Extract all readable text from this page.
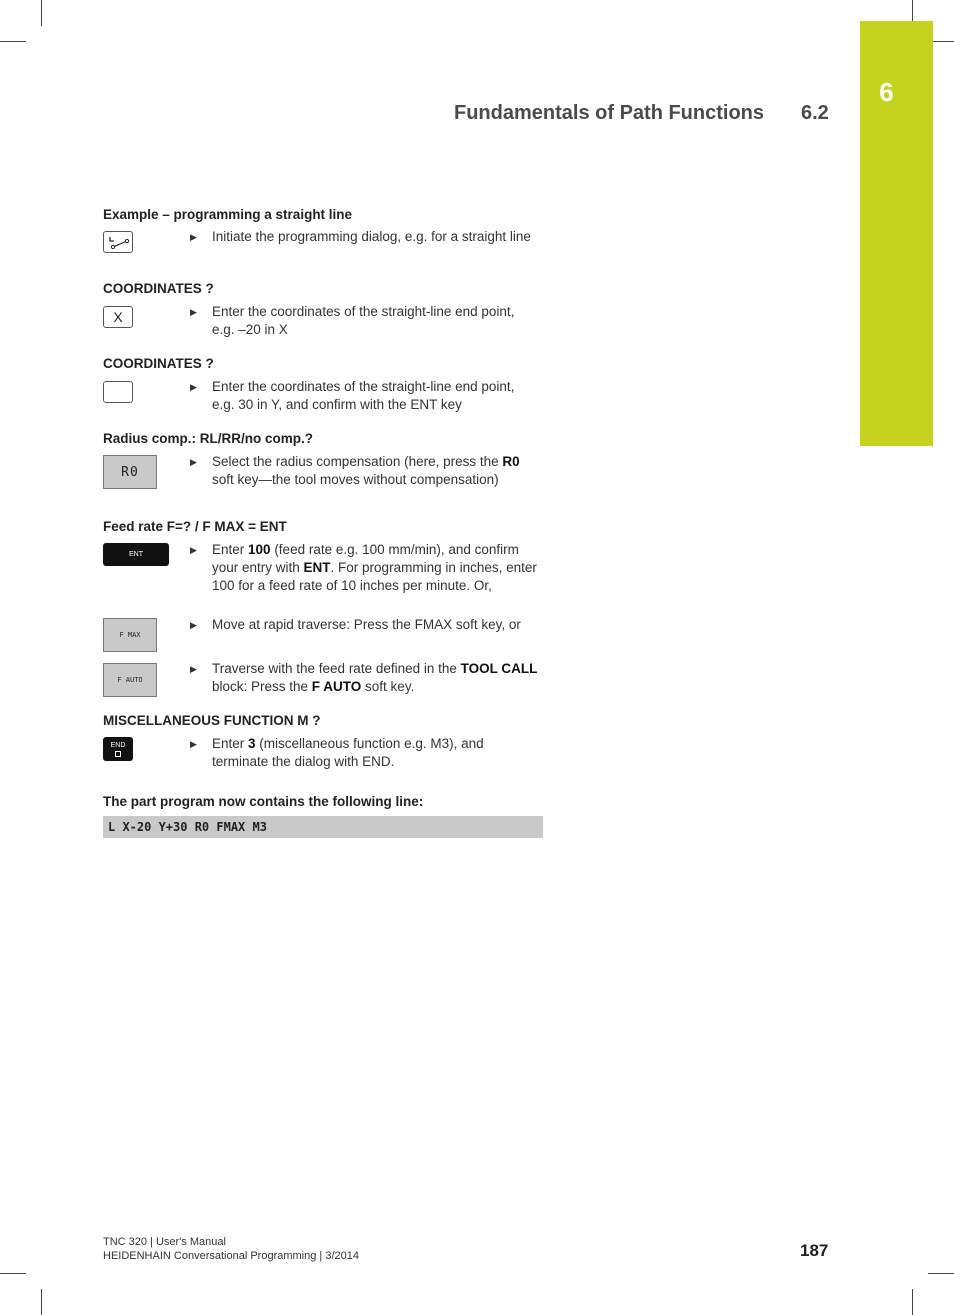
6
Fundamentals of Path Functions 6.2
Example – programming a straight line
▶ Initiate the programming dialog, e.g. for a straight line
COORDINATES ?
X	▶ Enter the coordinates of the straight-line end point, e.g. –20 in X
COORDINATES ?
▶ Enter the coordinates of the straight-line end point, e.g. 30 in Y, and confirm with the ENT key
Radius comp.: RL/RR/no comp.?
R0
▶ Select the radius compensation (here, press the R0 soft key—the tool moves without compensation)
Feed rate F=? / F MAX = ENT
ENT	▶ Enter 100 (feed rate e.g. 100 mm/min), and confirm your entry with ENT. For programming in inches, enter 100 for a feed rate of 10 inches per minute. Or,
F MAX
▶ Move at rapid traverse: Press the FMAX soft key, or
F AUTO
▶ Traverse with the feed rate defined in the TOOL CALL block: Press the F AUTO soft key.
MISCELLANEOUS FUNCTION M ?
END	▶ Enter 3 (miscellaneous function e.g. M3), and terminate the dialog with END.
The part program now contains the following line:
L X-20 Y+30 R0 FMAX M3
TNC 320 | User's Manual
HEIDENHAIN Conversational Programming | 3/2014	187
